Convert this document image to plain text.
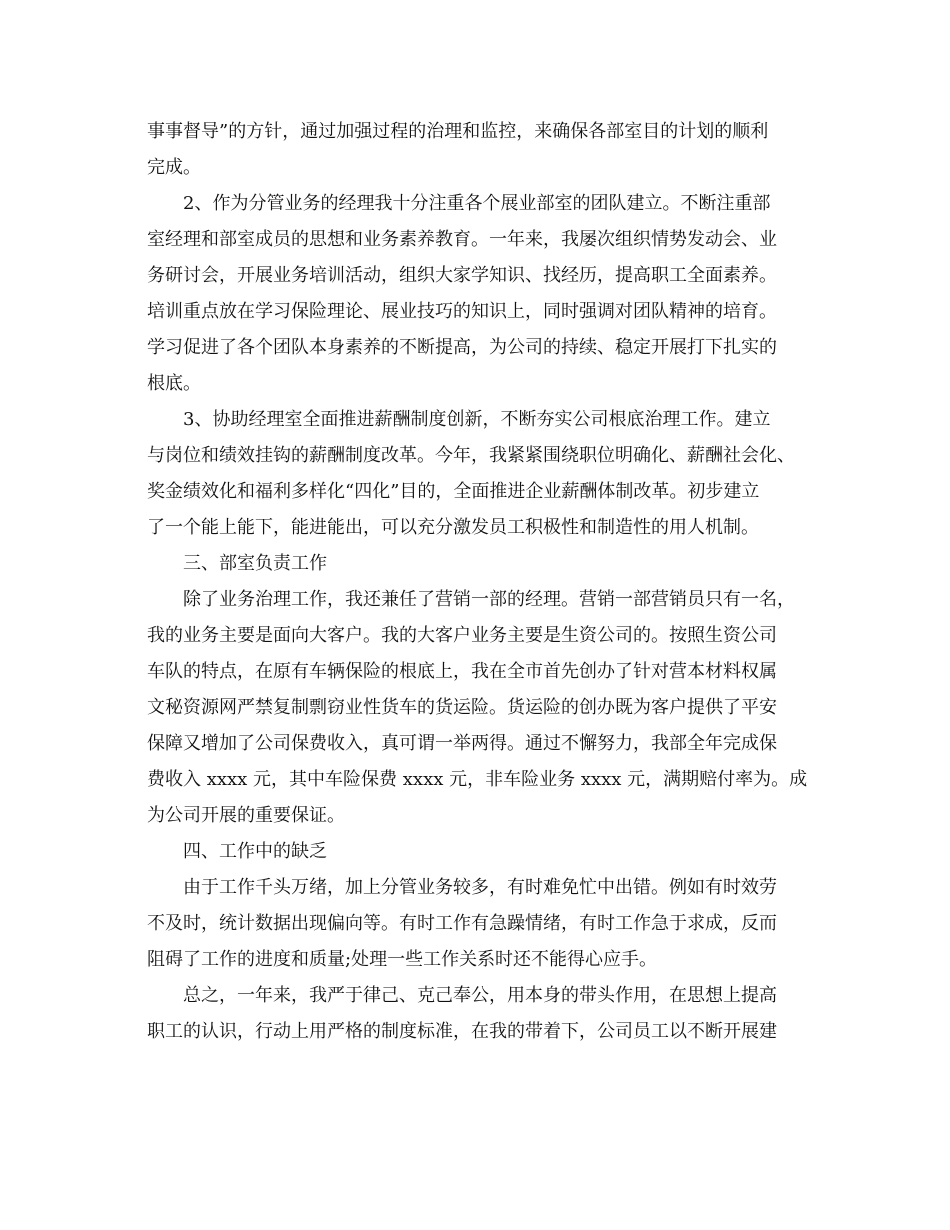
事事督导”的方针，通过加强过程的治理和监控，来确保各部室目的计划的顺利
完成。
2、作为分管业务的经理我十分注重各个展业部室的团队建立。不断注重部
室经理和部室成员的思想和业务素养教育。一年来，我屡次组织情势发动会、业
务研讨会，开展业务培训活动，组织大家学知识、找经历，提高职工全面素养。
培训重点放在学习保险理论、展业技巧的知识上，同时强调对团队精神的培育。
学习促进了各个团队本身素养的不断提高，为公司的持续、稳定开展打下扎实的
根底。
3、协助经理室全面推进薪酬制度创新，不断夯实公司根底治理工作。建立
与岗位和绩效挂钩的薪酬制度改革。今年，我紧紧围绕职位明确化、薪酬社会化、
奖金绩效化和福利多样化“四化”目的，全面推进企业薪酬体制改革。初步建立
了一个能上能下，能进能出，可以充分激发员工积极性和制造性的用人机制。
三、部室负责工作
除了业务治理工作，我还兼任了营销一部的经理。营销一部营销员只有一名，
我的业务主要是面向大客户。我的大客户业务主要是生资公司的。按照生资公司
车队的特点，在原有车辆保险的根底上，我在全市首先创办了针对营本材料权属
文秘资源网严禁复制剽窃业性货车的货运险。货运险的创办既为客户提供了平安
保障又增加了公司保费收入，真可谓一举两得。通过不懈努力，我部全年完成保
费收入 xxxx 元，其中车险保费 xxxx 元，非车险业务 xxxx 元，满期赔付率为。成
为公司开展的重要保证。
四、工作中的缺乏
由于工作千头万绪，加上分管业务较多，有时难免忙中出错。例如有时效劳
不及时，统计数据出现偏向等。有时工作有急躁情绪，有时工作急于求成，反而
阻碍了工作的进度和质量;处理一些工作关系时还不能得心应手。
总之，一年来，我严于律己、克己奉公，用本身的带头作用，在思想上提高
职工的认识，行动上用严格的制度标准，在我的带着下，公司员工以不断开展建
